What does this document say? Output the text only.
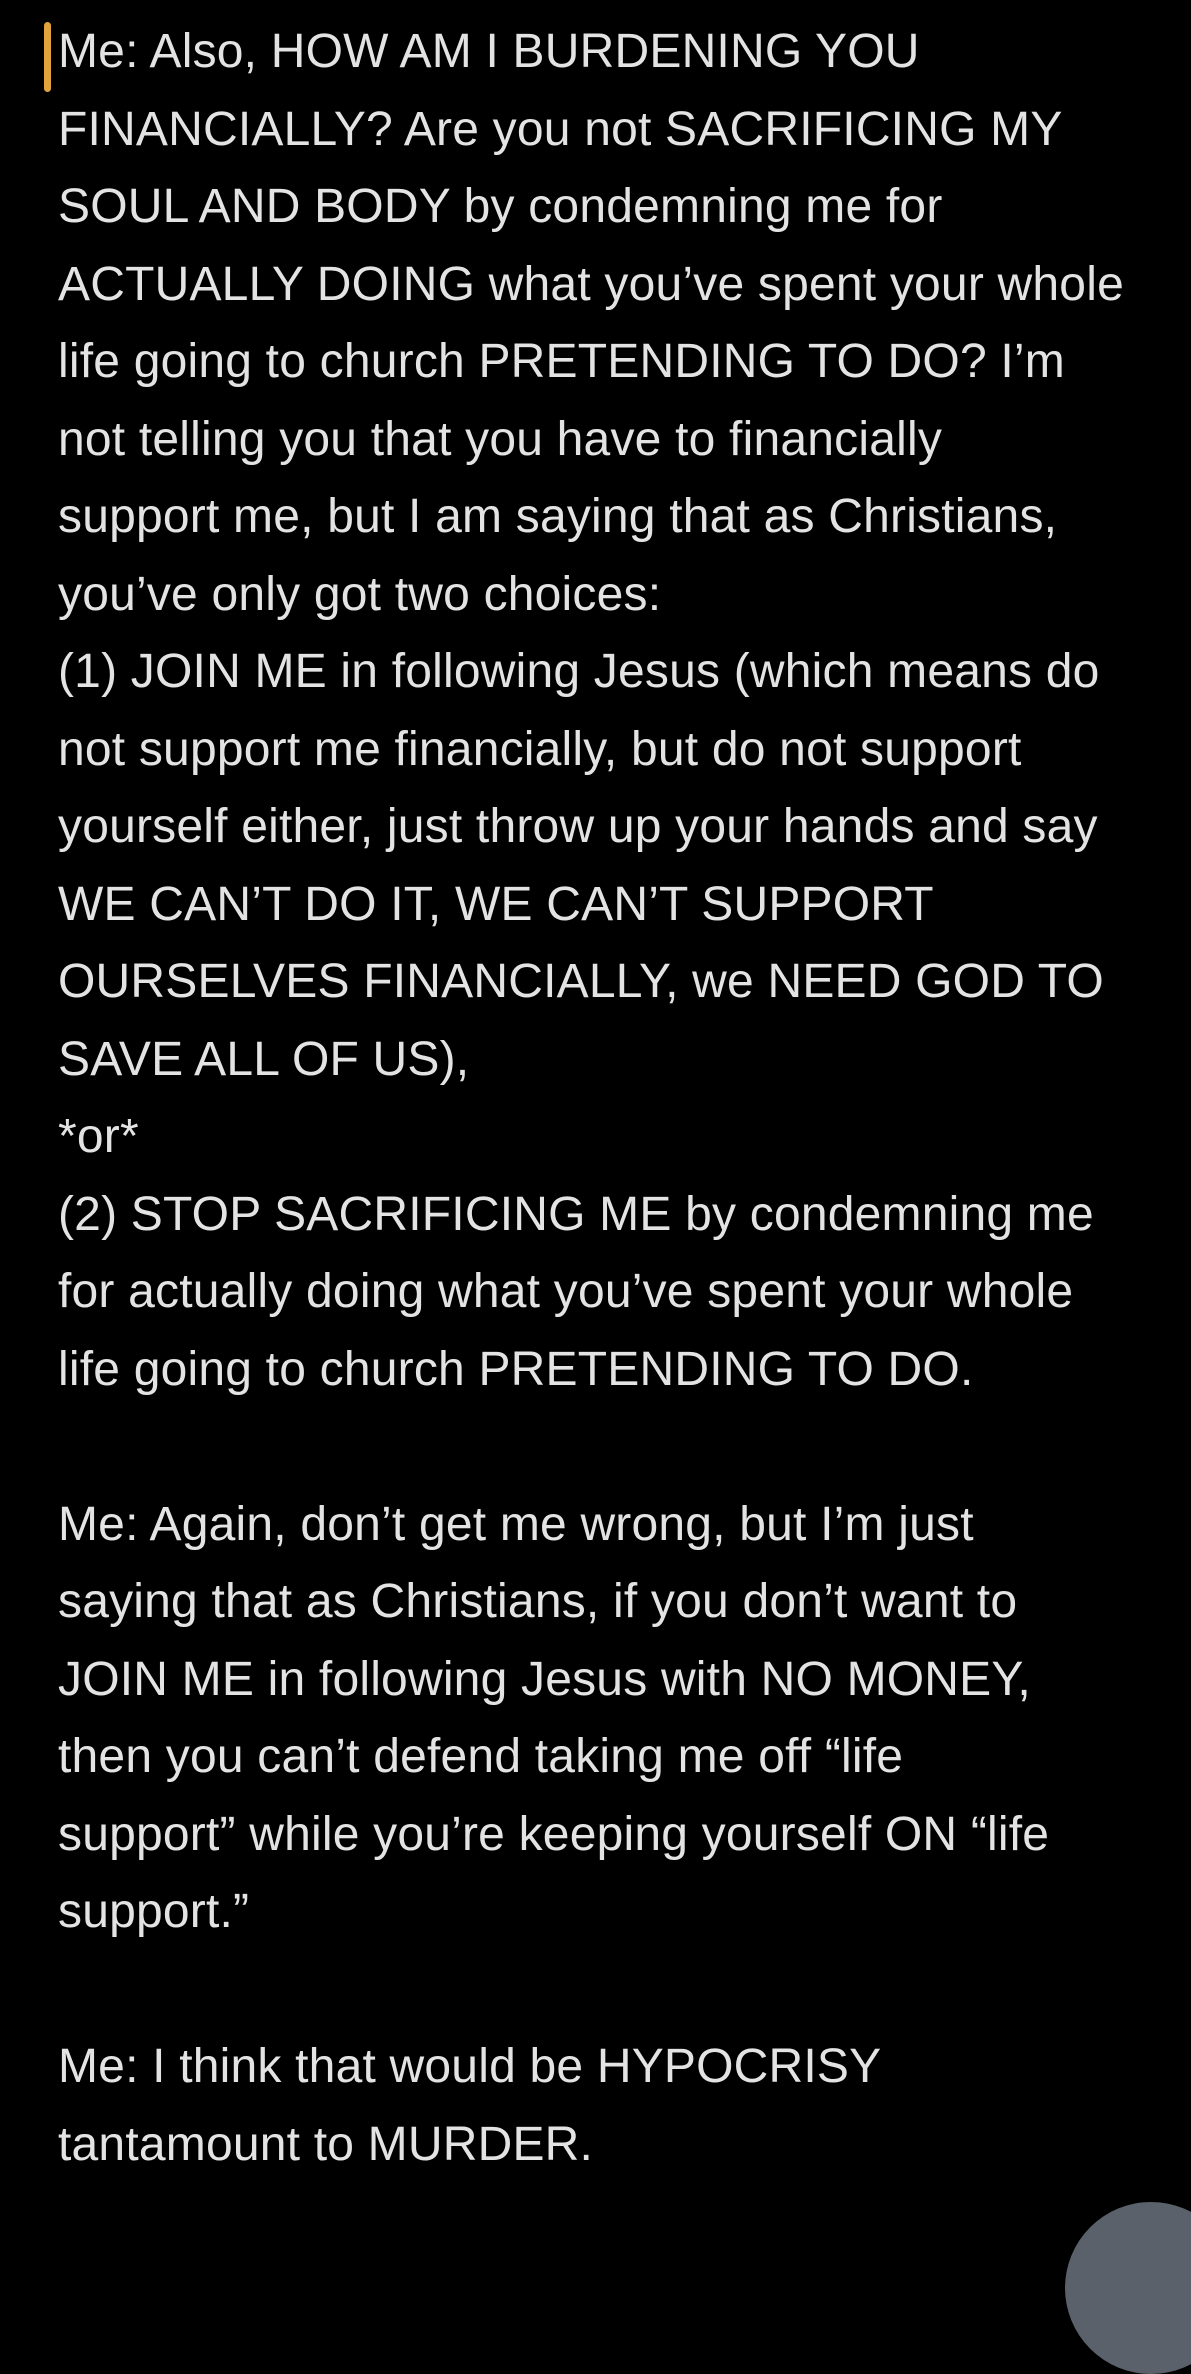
Me: Also, HOW AM I BURDENING YOU
FINANCIALLY? Are you not SACRIFICING MY
SOUL AND BODY by condemning me for
ACTUALLY DOING what you’ve spent your whole
life going to church PRETENDING TO DO? I’m
not telling you that you have to financially
support me, but I am saying that as Christians,
you’ve only got two choices:
(1) JOIN ME in following Jesus (which means do
not support me financially, but do not support
yourself either, just throw up your hands and say
WE CAN’T DO IT, WE CAN’T SUPPORT
OURSELVES FINANCIALLY, we NEED GOD TO
SAVE ALL OF US),
*or*
(2) STOP SACRIFICING ME by condemning me
for actually doing what you’ve spent your whole
life going to church PRETENDING TO DO.
Me: Again, don’t get me wrong, but I’m just
saying that as Christians, if you don’t want to
JOIN ME in following Jesus with NO MONEY,
then you can’t defend taking me off “life
support” while you’re keeping yourself ON “life
support.”
Me: I think that would be HYPOCRISY
tantamount to MURDER.
